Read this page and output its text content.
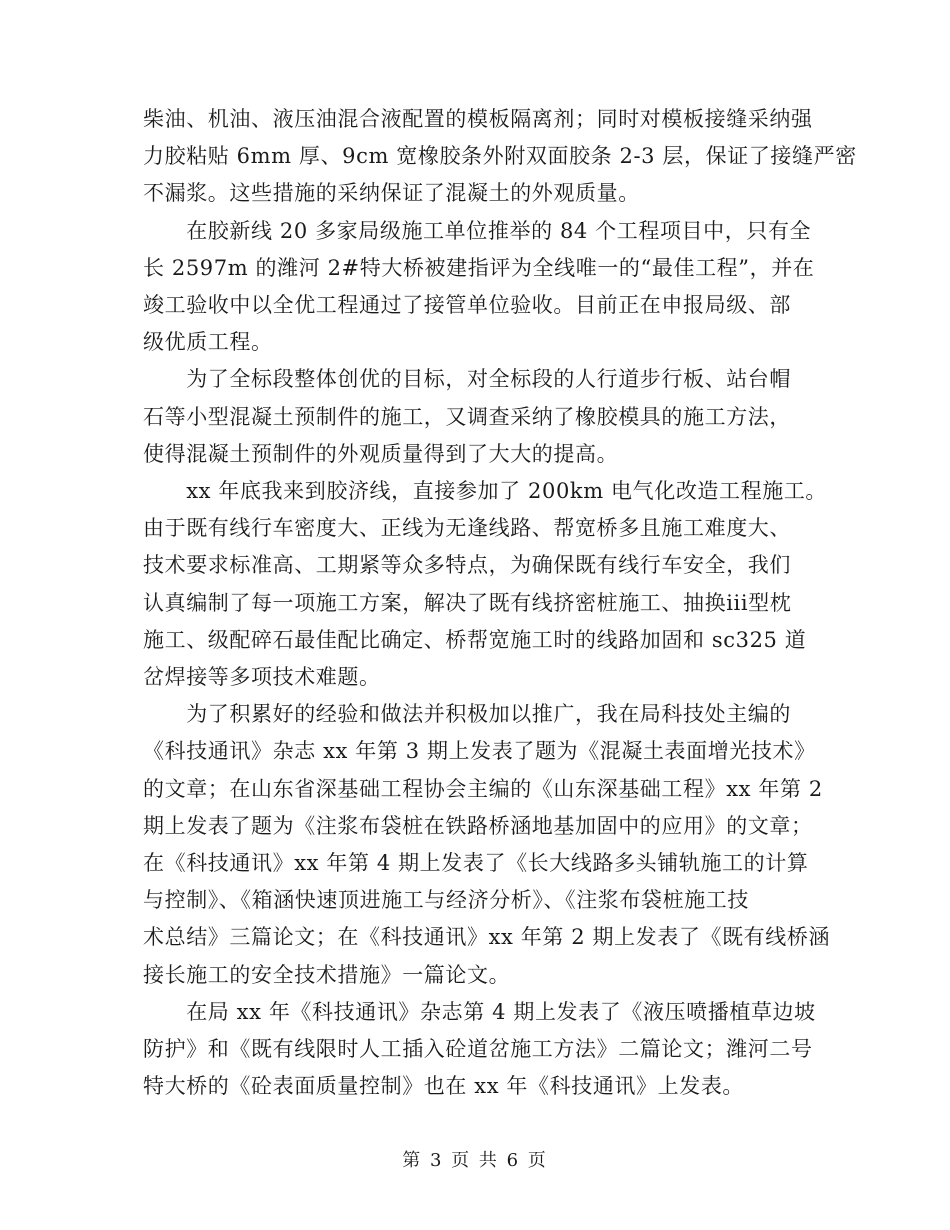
柴油、机油、液压油混合液配置的模板隔离剂；同时对模板接缝采纳强
力胶粘贴 6mm 厚、9cm 宽橡胶条外附双面胶条 2-3 层，保证了接缝严密
不漏浆。这些措施的采纳保证了混凝土的外观质量。
　　在胶新线 20 多家局级施工单位推举的 84 个工程项目中，只有全
长 2597m 的潍河 2#特大桥被建指评为全线唯一的“最佳工程”，并在
竣工验收中以全优工程通过了接管单位验收。目前正在申报局级、部
级优质工程。
　　为了全标段整体创优的目标，对全标段的人行道步行板、站台帽
石等小型混凝土预制件的施工，又调查采纳了橡胶模具的施工方法，
使得混凝土预制件的外观质量得到了大大的提高。
　　xx 年底我来到胶济线，直接参加了 200km 电气化改造工程施工。
由于既有线行车密度大、正线为无逢线路、帮宽桥多且施工难度大、
技术要求标准高、工期紧等众多特点，为确保既有线行车安全，我们
认真编制了每一项施工方案，解决了既有线挤密桩施工、抽换iii型枕
施工、级配碎石最佳配比确定、桥帮宽施工时的线路加固和 sc325 道
岔焊接等多项技术难题。
　　为了积累好的经验和做法并积极加以推广，我在局科技处主编的
《科技通讯》杂志 xx 年第 3 期上发表了题为《混凝土表面增光技术》
的文章；在山东省深基础工程协会主编的《山东深基础工程》xx 年第 2
期上发表了题为《注浆布袋桩在铁路桥涵地基加固中的应用》的文章；
在《科技通讯》xx 年第 4 期上发表了《长大线路多头铺轨施工的计算
与控制》、《箱涵快速顶进施工与经济分析》、《注浆布袋桩施工技
术总结》三篇论文；在《科技通讯》xx 年第 2 期上发表了《既有线桥涵
接长施工的安全技术措施》一篇论文。
　　在局 xx 年《科技通讯》杂志第 4 期上发表了《液压喷播植草边坡
防护》和《既有线限时人工插入砼道岔施工方法》二篇论文；潍河二号
特大桥的《砼表面质量控制》也在 xx 年《科技通讯》上发表。
第 3 页 共 6 页
